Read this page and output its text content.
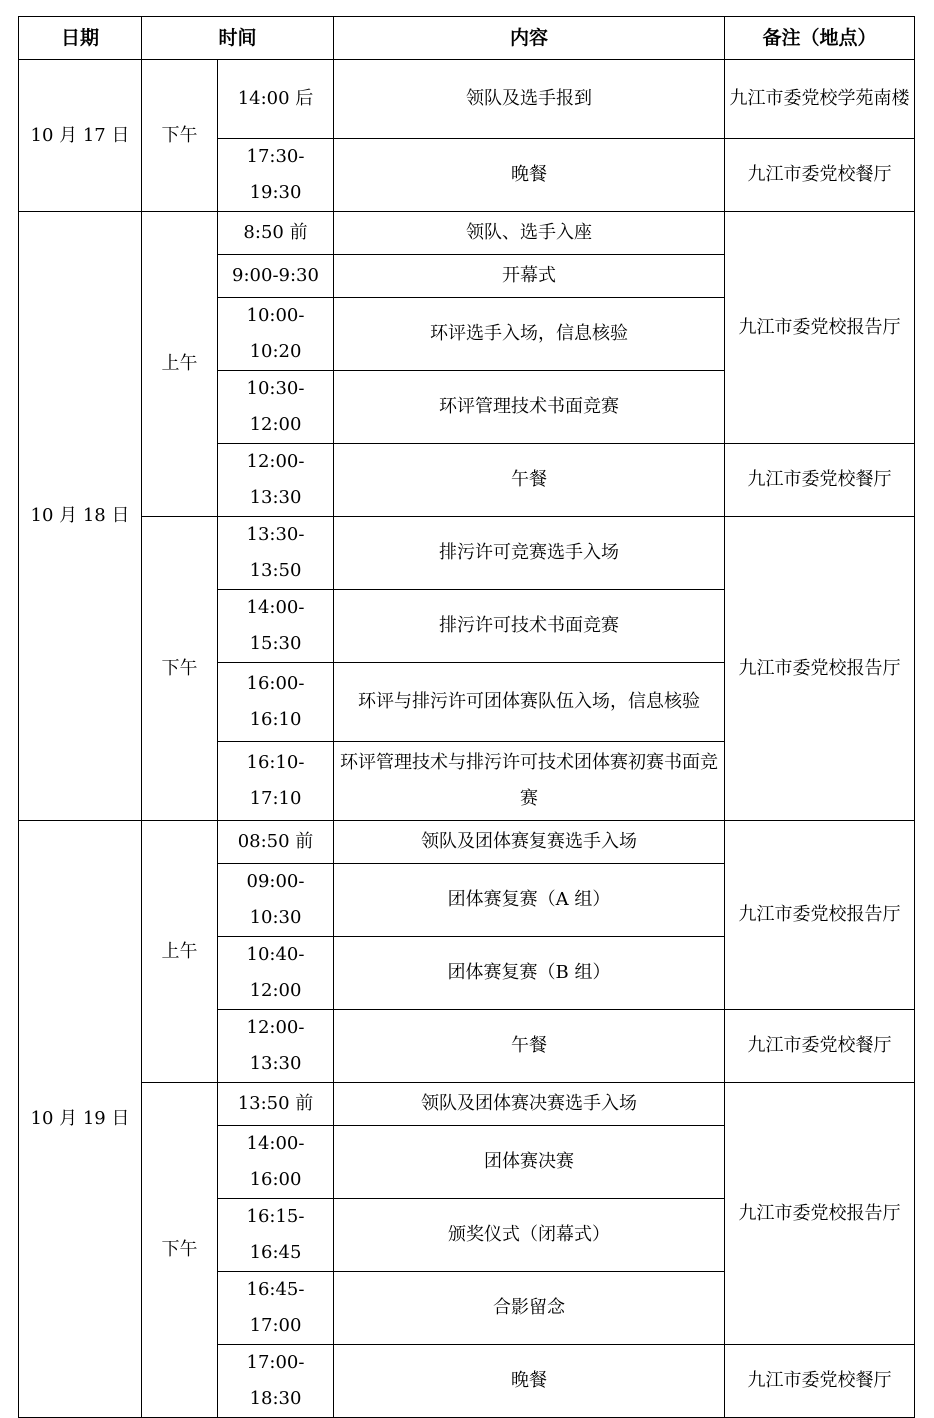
日期	时间		内容	备注（地点）
10 月 17 日	下午	14:00 后	领队及选手报到	九江市委党校学苑南楼
		17:30-19:30	晚餐	九江市委党校餐厅
10 月 18 日	上午	8:50 前	领队、选手入座	九江市委党校报告厅
		9:00-9:30	开幕式	
		10:00-10:20	环评选手入场，信息核验	
		10:30-12:00	环评管理技术书面竞赛	
		12:00-13:30	午餐	九江市委党校餐厅
	下午	13:30-13:50	排污许可竞赛选手入场	九江市委党校报告厅
		14:00-15:30	排污许可技术书面竞赛	
		16:00-16:10	环评与排污许可团体赛队伍入场，信息核验	
		16:10-17:10	环评管理技术与排污许可技术团体赛初赛书面竞赛	
10 月 19 日	上午	08:50 前	领队及团体赛复赛选手入场	九江市委党校报告厅
		09:00-10:30	团体赛复赛（A 组）	
		10:40-12:00	团体赛复赛（B 组）	
		12:00-13:30	午餐	九江市委党校餐厅
	下午	13:50 前	领队及团体赛决赛选手入场	九江市委党校报告厅
		14:00-16:00	团体赛决赛	
		16:15-16:45	颁奖仪式（闭幕式）	
		16:45-17:00	合影留念	
		17:00-18:30	晚餐	九江市委党校餐厅
